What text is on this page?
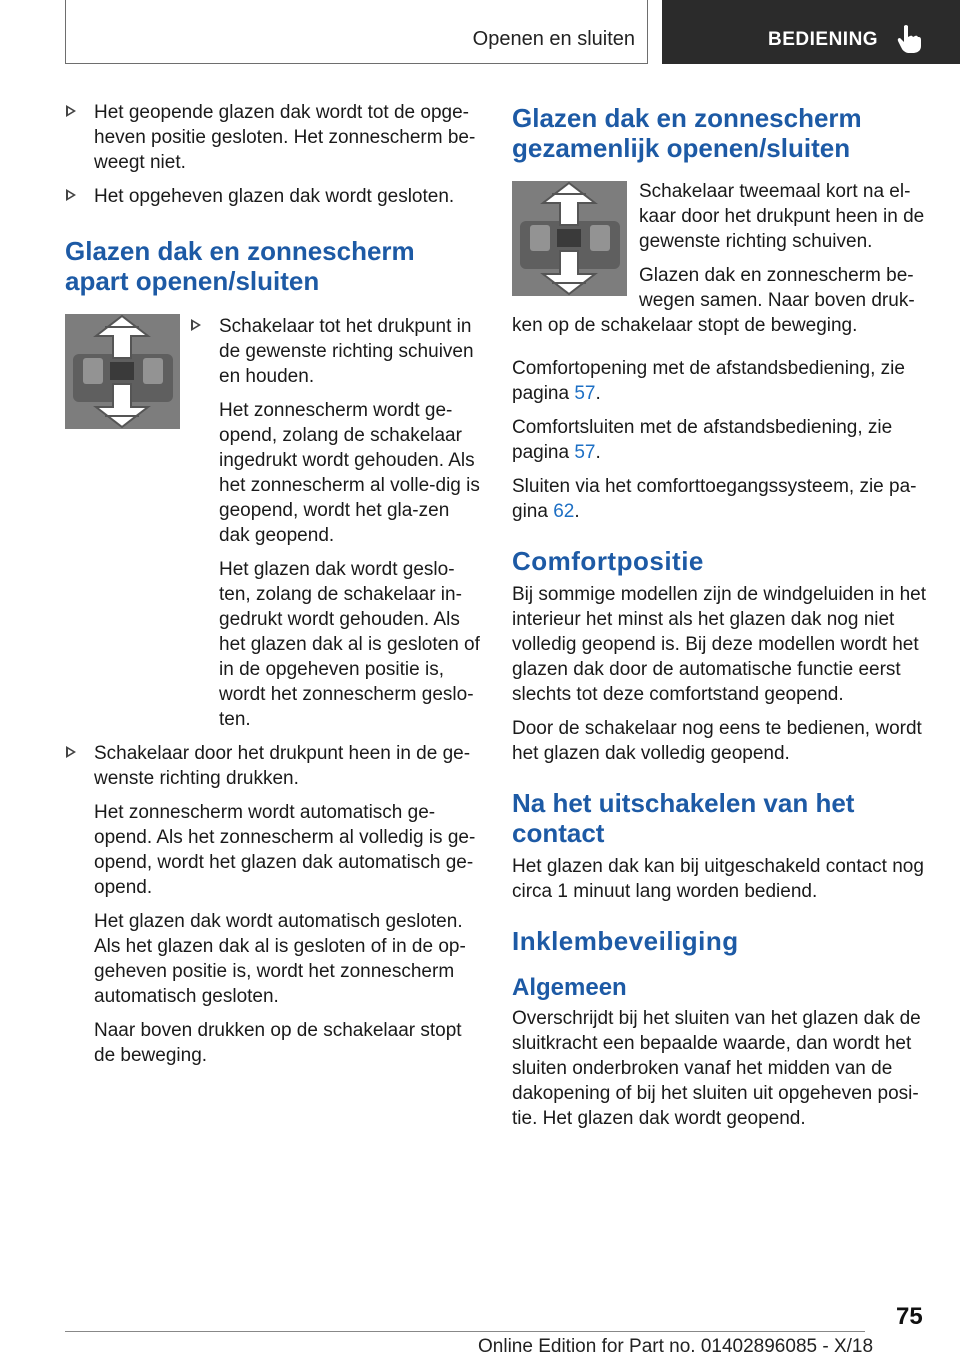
Openen en sluiten	BEDIENING

Het geopende glazen dak wordt tot de opge-heven positie gesloten. Het zonnescherm be-weegt niet.

Het opgeheven glazen dak wordt gesloten.

Glazen dak en zonnescherm apart openen/sluiten

Schakelaar tot het drukpunt in de gewenste richting schuiven en houden.

Het zonnescherm wordt ge-opend, zolang de schakelaar ingedrukt wordt gehouden. Als het zonnescherm al volle-dig is geopend, wordt het gla-zen dak geopend.

Het glazen dak wordt geslo-ten, zolang de schakelaar in-gedrukt wordt gehouden. Als het glazen dak al is gesloten of in de opgeheven positie is, wordt het zonnescherm geslo-ten.

Schakelaar door het drukpunt heen in de ge-wenste richting drukken.

Het zonnescherm wordt automatisch ge-opend. Als het zonnescherm al volledig is ge-opend, wordt het glazen dak automatisch ge-opend.

Het glazen dak wordt automatisch gesloten. Als het glazen dak al is gesloten of in de op-geheven positie is, wordt het zonnescherm automatisch gesloten.

Naar boven drukken op de schakelaar stopt de beweging.

Glazen dak en zonnescherm gezamenlijk openen/sluiten

Schakelaar tweemaal kort na el-kaar door het drukpunt heen in de gewenste richting schuiven.

Glazen dak en zonnescherm be-wegen samen. Naar boven druk-ken op de schakelaar stopt de beweging.

Comfortopening met de afstandsbediening, zie pagina 57.

Comfortsluiten met de afstandsbediening, zie pagina 57.

Sluiten via het comforttoegangssysteem, zie pa-gina 62.

Comfortpositie

Bij sommige modellen zijn de windgeluiden in het interieur het minst als het glazen dak nog niet volledig geopend is. Bij deze modellen wordt het glazen dak door de automatische functie eerst slechts tot deze comfortstand geopend.

Door de schakelaar nog eens te bedienen, wordt het glazen dak volledig geopend.

Na het uitschakelen van het contact

Het glazen dak kan bij uitgeschakeld contact nog circa 1 minuut lang worden bediend.

Inklembeveiliging
Algemeen

Overschrijdt bij het sluiten van het glazen dak de sluitkracht een bepaalde waarde, dan wordt het sluiten onderbroken vanaf het midden van de dakopening of bij het sluiten uit opgeheven posi-tie. Het glazen dak wordt geopend.

75
Online Edition for Part no. 01402896085 - X/18
